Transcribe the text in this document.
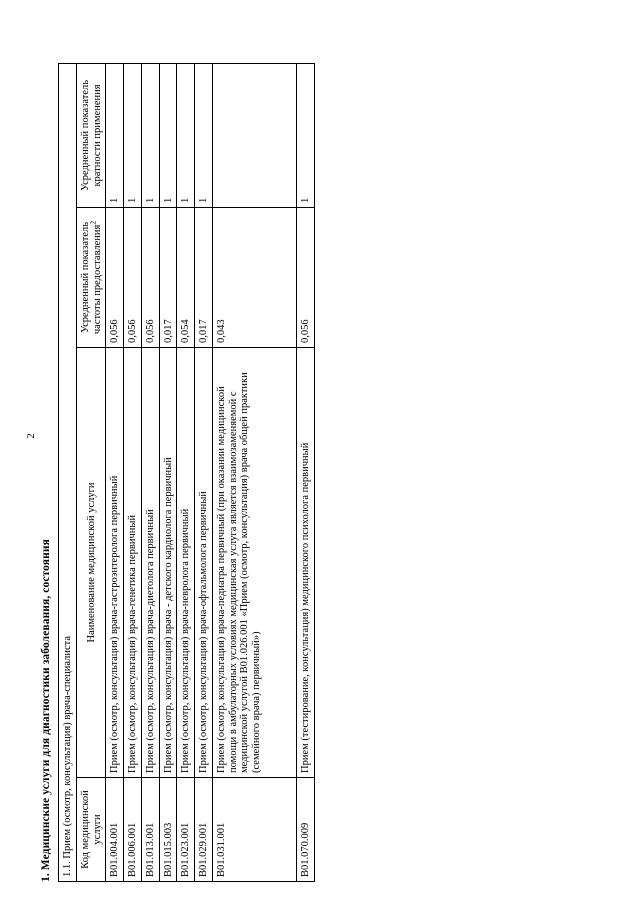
2
1. Медицинские услуги для диагностики заболевания, состояния 1.1. Прием (осмотр, консультация) врача-специалиста			
Код медицинской услуги	Наименование медицинской услуги	Усредненный показатель частоты предоставления$^2$	Усредненный показатель кратности применения
B01.004.001	Прием (осмотр, консультация) врача-гастроэнтеролога первичный	0,056	1
B01.006.001	Прием (осмотр, консультация) врача-генетика первичный	0,056	1
B01.013.001	Прием (осмотр, консультация) врача-диетолога первичный	0,056	1
B01.015.003	Прием (осмотр, консультация) врача - детского кардиолога первичный	0,017	1
B01.023.001	Прием (осмотр, консультация) врача-невролога первичный	0,054	1
B01.029.001	Прием (осмотр, консультация) врача-офтальмолога первичный	0,017	1
B01.031.001	Прием (осмотр, консультация) врача-педиатра первичный (при оказании медицинской помощи в амбулаторных условиях медицинская услуга является взаимозаменяемой с медицинской услугой B01.026.001 «Прием (осмотр, консультация) врача общей практики (семейного врача) первичный»)	0,043	
B01.070.009	Прием (тестирование, консультация) медицинского психолога первичный	0,056	1
